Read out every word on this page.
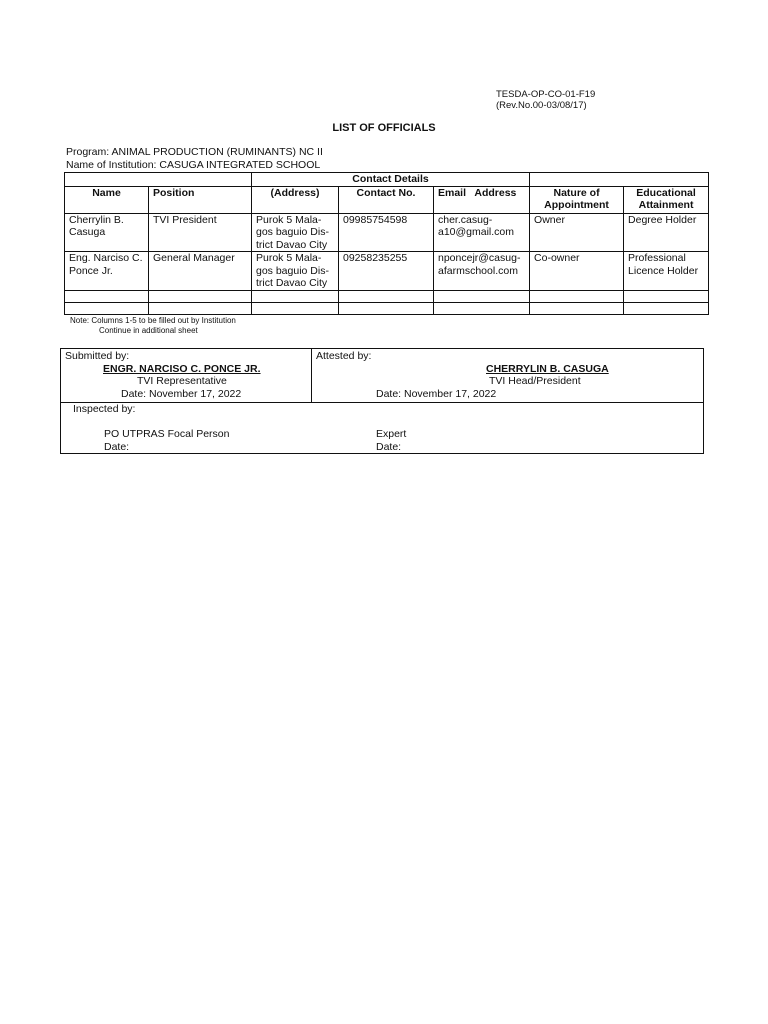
TESDA-OP-CO-01-F19
(Rev.No.00-03/08/17)
LIST OF OFFICIALS
Program: ANIMAL PRODUCTION (RUMINANTS) NC II
Name of Institution: CASUGA INTEGRATED SCHOOL
		Contact Details				
Name	Position	(Address)	Contact No.	Email   Address	Nature of Appointment	Educational Attainment
Cherrylin B. Casuga	TVI President	Purok 5 Mala-gos baguio Dis-trict Davao City	09985754598	cher.casug-a10@gmail.com	Owner	Degree Holder
Eng. Narciso C. Ponce Jr.	General Manager	Purok 5 Mala-gos baguio Dis-trict Davao City	09258235255	nponcejr@casug-afarmschool.com	Co-owner	Professional Licence Holder

Note: Columns 1-5 to be filled out by Institution
Continue in additional sheet
Submitted by:
ENGR. NARCISO C. PONCE JR.
TVI Representative
Date: November 17, 2022
Attested by:
CHERRYLIN B. CASUGA
TVI Head/President
Date: November 17, 2022
Inspected by:
PO UTPRAS Focal Person
Date:
Expert
Date:
